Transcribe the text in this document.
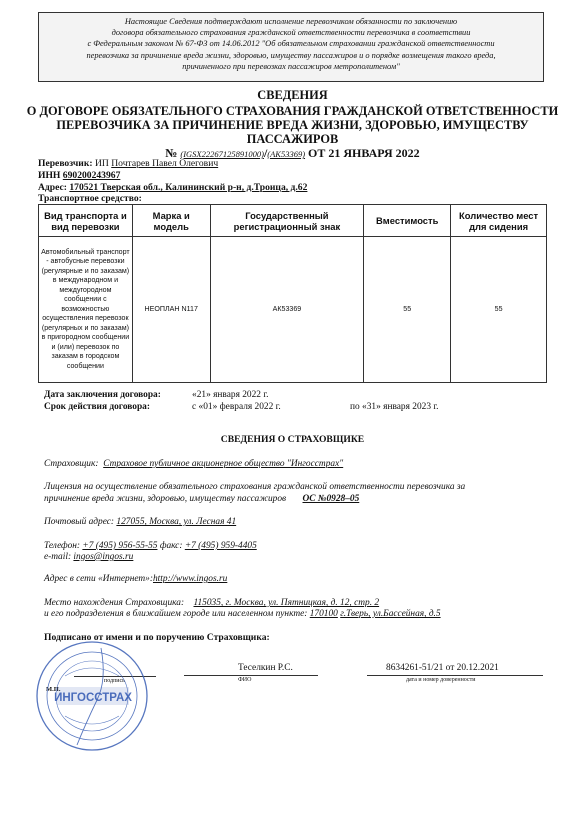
Настоящие Сведения подтверждают исполнение перевозчиком обязанности по заключению
договора обязательного страхования гражданской ответственности перевозчика в соответствии
с Федеральным законом № 67-ФЗ от 14.06.2012 "Об обязательном страховании гражданской ответственности
перевозчика за причинение вреда жизни, здоровью, имуществу пассажиров и о порядке возмещения такого вреда,
причиненного при перевозках пассажиров метрополитеном"
СВЕДЕНИЯ
О ДОГОВОРЕ ОБЯЗАТЕЛЬНОГО СТРАХОВАНИЯ ГРАЖДАНСКОЙ ОТВЕТСТВЕННОСТИ
ПЕРЕВОЗЧИКА ЗА ПРИЧИНЕНИЕ ВРЕДА ЖИЗНИ, ЗДОРОВЬЮ, ИМУЩЕСТВУ
ПАССАЖИРОВ
№ (IGSX22267125891000)/(АК53369) ОТ 21 ЯНВАРЯ 2022
Перевозчик: ИП Почтарев Павел Олегович
ИНН 690200243967
Адрес: 170521 Тверская обл., Калининский р-н, д.Троица, д.62
Транспортное средство:
Вид транспорта и вид перевозки	Марка и модель	Государственный регистрационный знак	Вместимость	Количество мест для сидения
Автомобильный транспорт - автобусные перевозки (регулярные и по заказам) в международном и междугородном сообщении с возможностью осуществления перевозок (регулярных и по заказам) в пригородном сообщении и (или) перевозок по заказам в городском сообщении	НЕОПЛАН N117	АК53369	55	55
Дата заключения договора:	«21» января 2022 г.
Срок действия договора:	с «01» февраля 2022 г.	по «31» января 2023 г.
СВЕДЕНИЯ О СТРАХОВЩИКЕ
Страховщик: Страховое публичное акционерное общество "Ингосстрах"
Лицензия на осуществление обязательного страхования гражданской ответственности перевозчика за
причинение вреда жизни, здоровью, имуществу пассажиров ОС №0928–05
Почтовый адрес: 127055, Москва, ул. Лесная 41
Телефон: +7 (495) 956-55-55 факс: +7 (495) 959-4405
e-mail: ingos@ingos.ru
Адрес в сети «Интернет»:http://www.ingos.ru
Место нахождения Страховщика: 115035, г. Москва, ул. Пятницкая, д. 12, стр. 2
и его подразделения в ближайшем городе или населенном пункте: 170100 г.Тверь, ул.Бассейная, д.5
Подписано от имени и по поручению Страховщика:
подпись
М.П.
Теселкин Р.С.
ФИО
8634261-51/21 от 20.12.2021
дата и номер доверенности
ИНГОССТРАХ
